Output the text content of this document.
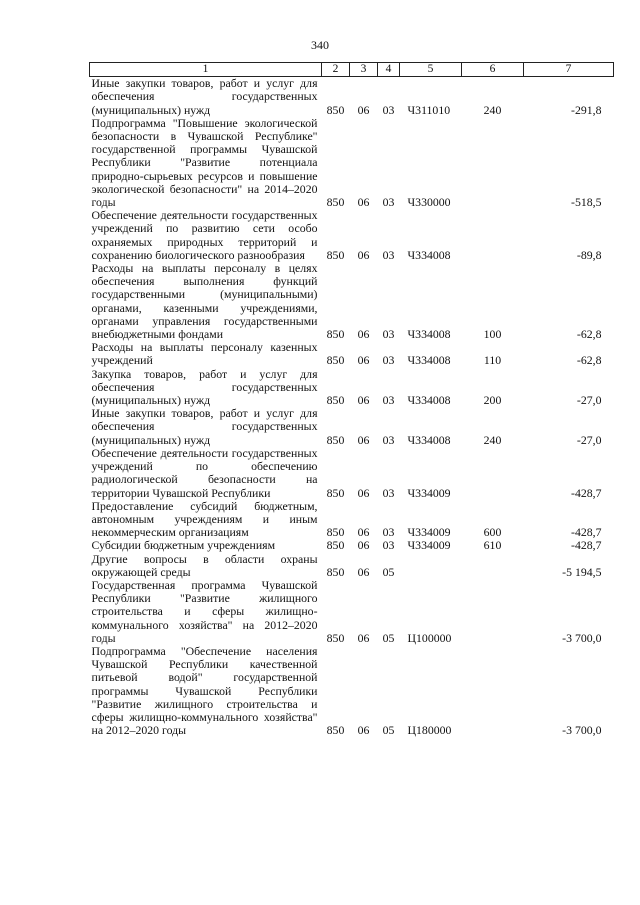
340
1	2	3	4	5	6	7
Иные закупки товаров, работ и услуг для обеспечения государственных (муниципальных) нужд	850	06	03	Ч311010	240	-291,8
Подпрограмма "Повышение экологической безопасности в Чувашской Республике" государственной программы Чувашской Республики "Развитие потенциала природно-сырьевых ресурсов и повышение экологической безопасности" на 2014–2020 годы	850	06	03	Ч330000		-518,5
Обеспечение деятельности государственных учреждений по развитию сети особо охраняемых природных территорий и сохранению биологического разнообразия	850	06	03	Ч334008		-89,8
Расходы на выплаты персоналу в целях обеспечения выполнения функций государственными (муниципальными) органами, казенными учреждениями, органами управления государственными внебюджетными фондами	850	06	03	Ч334008	100	-62,8
Расходы на выплаты персоналу казенных учреждений	850	06	03	Ч334008	110	-62,8
Закупка товаров, работ и услуг для обеспечения государственных (муниципальных) нужд	850	06	03	Ч334008	200	-27,0
Иные закупки товаров, работ и услуг для обеспечения государственных (муниципальных) нужд	850	06	03	Ч334008	240	-27,0
Обеспечение деятельности государственных учреждений по обеспечению радиологической безопасности на территории Чувашской Республики	850	06	03	Ч334009		-428,7
Предоставление субсидий бюджетным, автономным учреждениям и иным некоммерческим организациям	850	06	03	Ч334009	600	-428,7
Субсидии бюджетным учреждениям	850	06	03	Ч334009	610	-428,7
Другие вопросы в области охраны окружающей среды	850	06	05			-5 194,5
Государственная программа Чувашской Республики "Развитие жилищного строительства и сферы жилищно-коммунального хозяйства" на 2012–2020 годы	850	06	05	Ц100000		-3 700,0
Подпрограмма "Обеспечение населения Чувашской Республики качественной питьевой водой" государственной программы Чувашской Республики "Развитие жилищного строительства и сферы жилищно-коммунального хозяйства" на 2012–2020 годы	850	06	05	Ц180000		-3 700,0
